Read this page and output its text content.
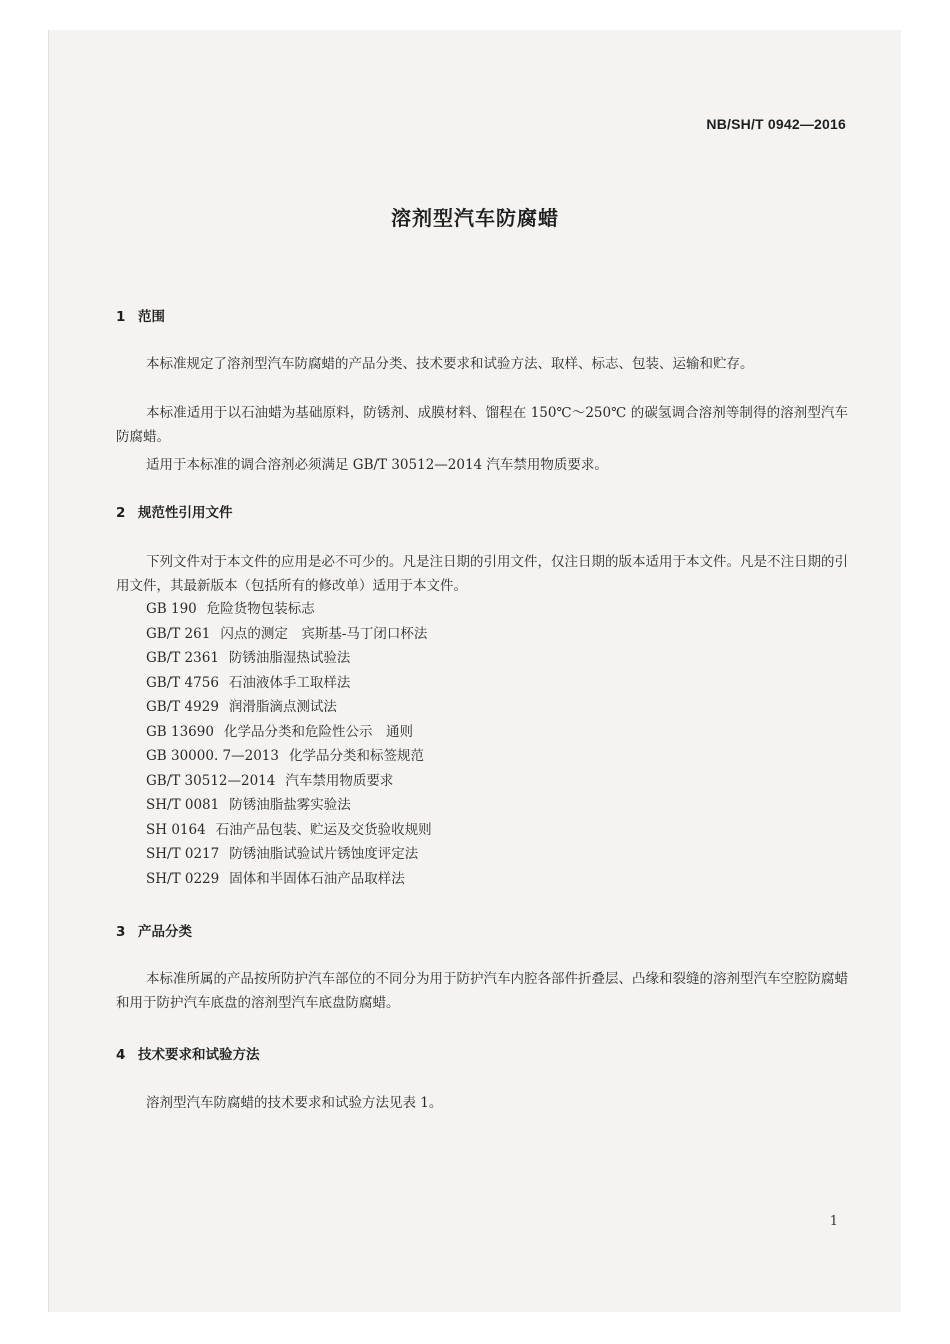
NB/SH/T 0942—2016
溶剂型汽车防腐蜡
1 范围

本标准规定了溶剂型汽车防腐蜡的产品分类、技术要求和试验方法、取样、标志、包装、运输和贮存。

本标准适用于以石油蜡为基础原料，防锈剂、成膜材料、馏程在 150℃～250℃ 的碳氢调合溶剂等制得的溶剂型汽车防腐蜡。

适用于本标准的调合溶剂必须满足 GB/T 30512—2014 汽车禁用物质要求。

2 规范性引用文件

下列文件对于本文件的应用是必不可少的。凡是注日期的引用文件，仅注日期的版本适用于本文件。凡是不注日期的引用文件，其最新版本（包括所有的修改单）适用于本文件。

GB 190 危险货物包装标志
GB/T 261 闪点的测定　宾斯基-马丁闭口杯法
GB/T 2361 防锈油脂湿热试验法
GB/T 4756 石油液体手工取样法
GB/T 4929 润滑脂滴点测试法
GB 13690 化学品分类和危险性公示　通则
GB 30000. 7—2013 化学品分类和标签规范
GB/T 30512—2014 汽车禁用物质要求
SH/T 0081 防锈油脂盐雾实验法
SH 0164 石油产品包装、贮运及交货验收规则
SH/T 0217 防锈油脂试验试片锈蚀度评定法
SH/T 0229 固体和半固体石油产品取样法
3 产品分类

本标准所属的产品按所防护汽车部位的不同分为用于防护汽车内腔各部件折叠层、凸缘和裂缝的溶剂型汽车空腔防腐蜡和用于防护汽车底盘的溶剂型汽车底盘防腐蜡。

4 技术要求和试验方法

溶剂型汽车防腐蜡的技术要求和试验方法见表 1。

1
